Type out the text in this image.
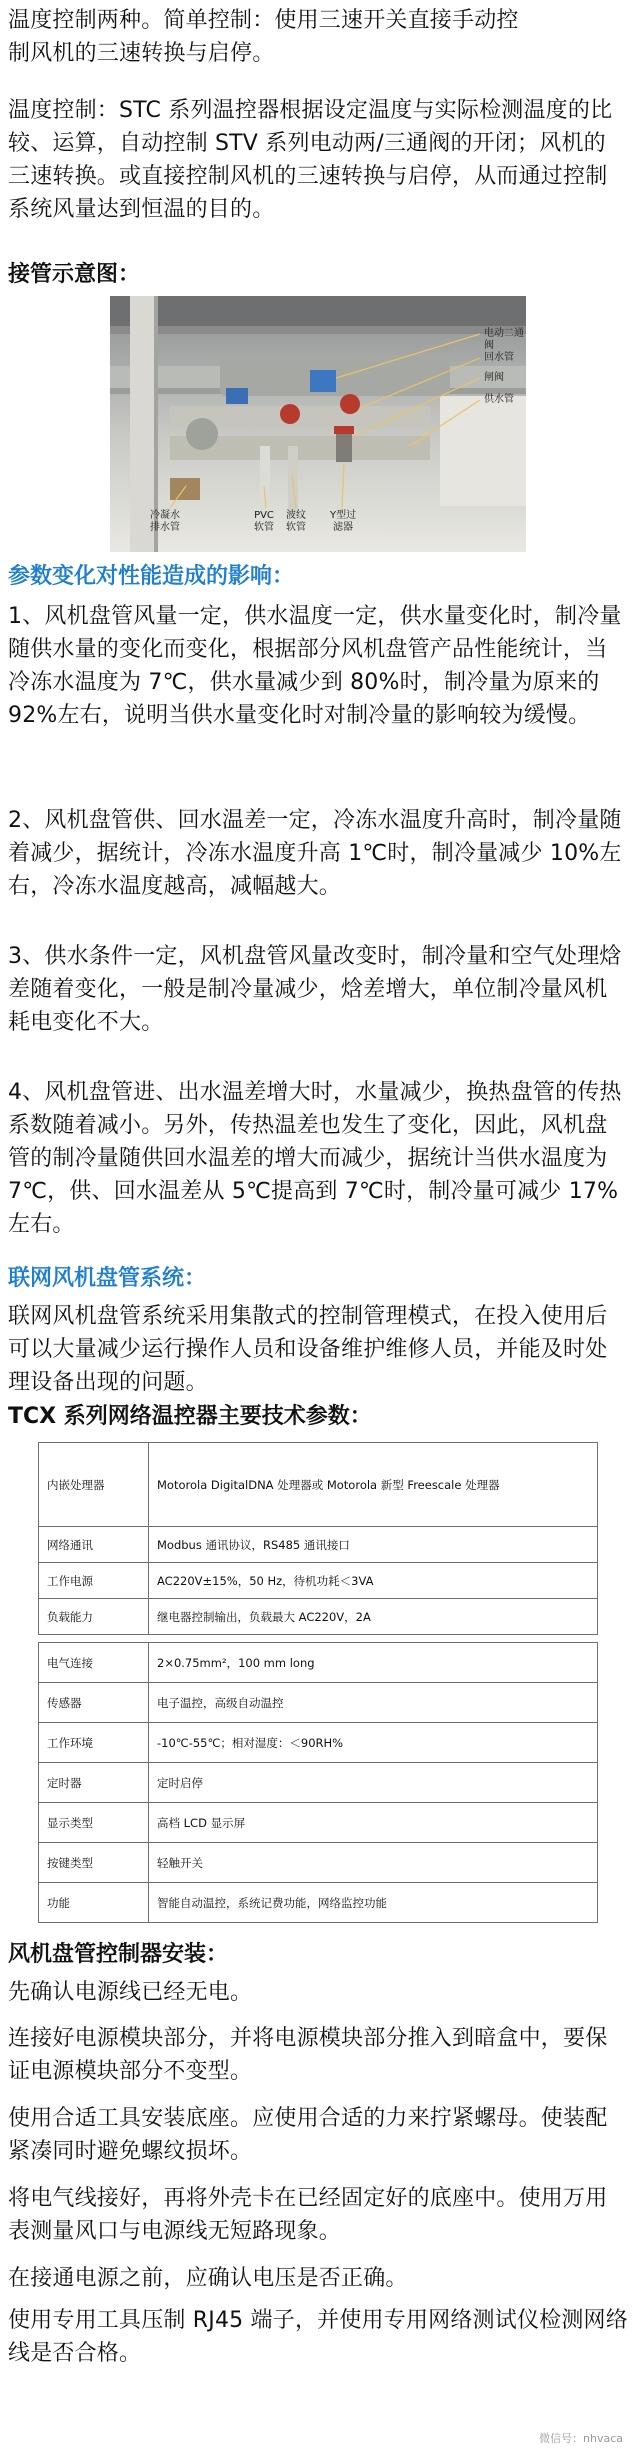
温度控制两种。简单控制：使用三速开关直接手动控
制风机的三速转换与启停。
温度控制：STC 系列温控器根据设定温度与实际检测温度的比较、运算，自动控制 STV 系列电动两/三通阀的开闭；风机的三速转换。或直接控制风机的三速转换与启停，从而通过控制系统风量达到恒温的目的。
接管示意图：
电动二通阀
回水管
闸阀
供水管
冷凝水
排水管
PVC
软管
波纹
软管
Y型过
滤器
参数变化对性能造成的影响：
1、风机盘管风量一定，供水温度一定，供水量变化时，制冷量随供水量的变化而变化，根据部分风机盘管产品性能统计，当冷冻水温度为 7℃，供水量减少到 80%时，制冷量为原来的 92%左右，说明当供水量变化时对制冷量的影响较为缓慢。
2、风机盘管供、回水温差一定，冷冻水温度升高时，制冷量随着减少，据统计，冷冻水温度升高 1℃时，制冷量减少 10%左右，冷冻水温度越高，减幅越大。
3、供水条件一定，风机盘管风量改变时，制冷量和空气处理焓差随着变化，一般是制冷量减少，焓差增大，单位制冷量风机耗电变化不大。
4、风机盘管进、出水温差增大时，水量减少，换热盘管的传热系数随着减小。另外，传热温差也发生了变化，因此，风机盘管的制冷量随供回水温差的增大而减少，据统计当供水温度为 7℃，供、回水温差从 5℃提高到 7℃时，制冷量可减少 17%左右。
联网风机盘管系统：
联网风机盘管系统采用集散式的控制管理模式，在投入使用后可以大量减少运行操作人员和设备维护维修人员，并能及时处理设备出现的问题。
TCX 系列网络温控器主要技术参数：
内嵌处理器	Motorola DigitalDNA 处理器或 Motorola 新型 Freescale 处理器
网络通讯	Modbus 通讯协议，RS485 通讯接口
工作电源	AC220V±15%，50 Hz，待机功耗＜3VA
负载能力	继电器控制输出，负载最大 AC220V，2A
电气连接	2×0.75mm²，100 mm long
传感器	电子温控，高级自动温控
工作环境	-10℃-55℃；相对湿度：＜90RH%
定时器	定时启停
显示类型	高档 LCD 显示屏
按键类型	轻触开关
功能	智能自动温控，系统记费功能，网络监控功能
风机盘管控制器安装：
先确认电源线已经无电。
连接好电源模块部分，并将电源模块部分推入到暗盒中，要保证电源模块部分不变型。
使用合适工具安装底座。应使用合适的力来拧紧螺母。使装配紧凑同时避免螺纹损坏。
将电气线接好，再将外壳卡在已经固定好的底座中。使用万用表测量风口与电源线无短路现象。
在接通电源之前，应确认电压是否正确。
使用专用工具压制 RJ45 端子，并使用专用网络测试仪检测网络线是否合格。
微信号：nhvaca
